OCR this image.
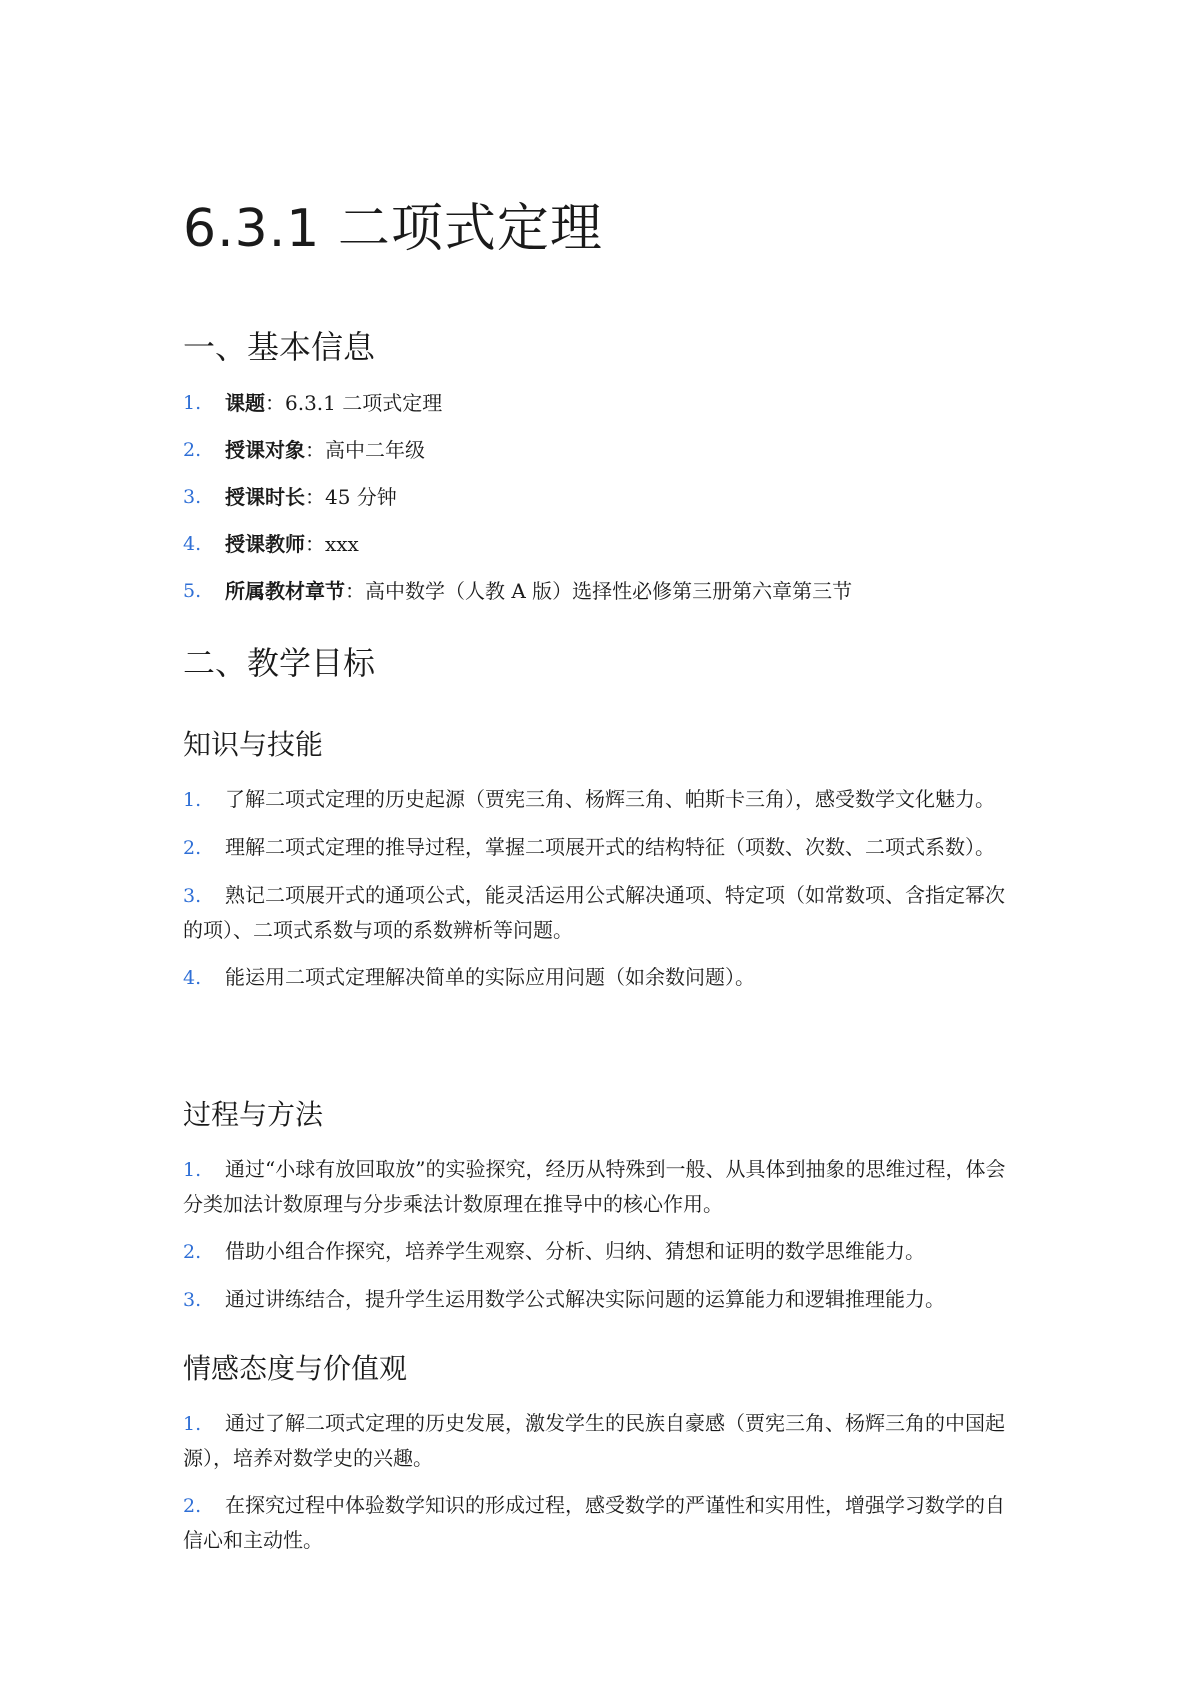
6.3.1 二项式定理
一、基本信息
1.	课题：6.3.1 二项式定理
2.	授课对象：高中二年级
3.	授课时长：45 分钟
4.	授课教师：xxx
5.	所属教材章节：高中数学（人教 A 版）选择性必修第三册第六章第三节
二、教学目标
知识与技能
1. 了解二项式定理的历史起源（贾宪三角、杨辉三角、帕斯卡三角），感受数学文化魅力。
2. 理解二项式定理的推导过程，掌握二项展开式的结构特征（项数、次数、二项式系数）。
3. 熟记二项展开式的通项公式，能灵活运用公式解决通项、特定项（如常数项、含指定幂次的项）、二项式系数与项的系数辨析等问题。
4. 能运用二项式定理解决简单的实际应用问题（如余数问题）。
过程与方法
1. 通过“小球有放回取放”的实验探究，经历从特殊到一般、从具体到抽象的思维过程，体会分类加法计数原理与分步乘法计数原理在推导中的核心作用。
2. 借助小组合作探究，培养学生观察、分析、归纳、猜想和证明的数学思维能力。
3. 通过讲练结合，提升学生运用数学公式解决实际问题的运算能力和逻辑推理能力。
情感态度与价值观
1. 通过了解二项式定理的历史发展，激发学生的民族自豪感（贾宪三角、杨辉三角的中国起源），培养对数学史的兴趣。
2. 在探究过程中体验数学知识的形成过程，感受数学的严谨性和实用性，增强学习数学的自信心和主动性。
